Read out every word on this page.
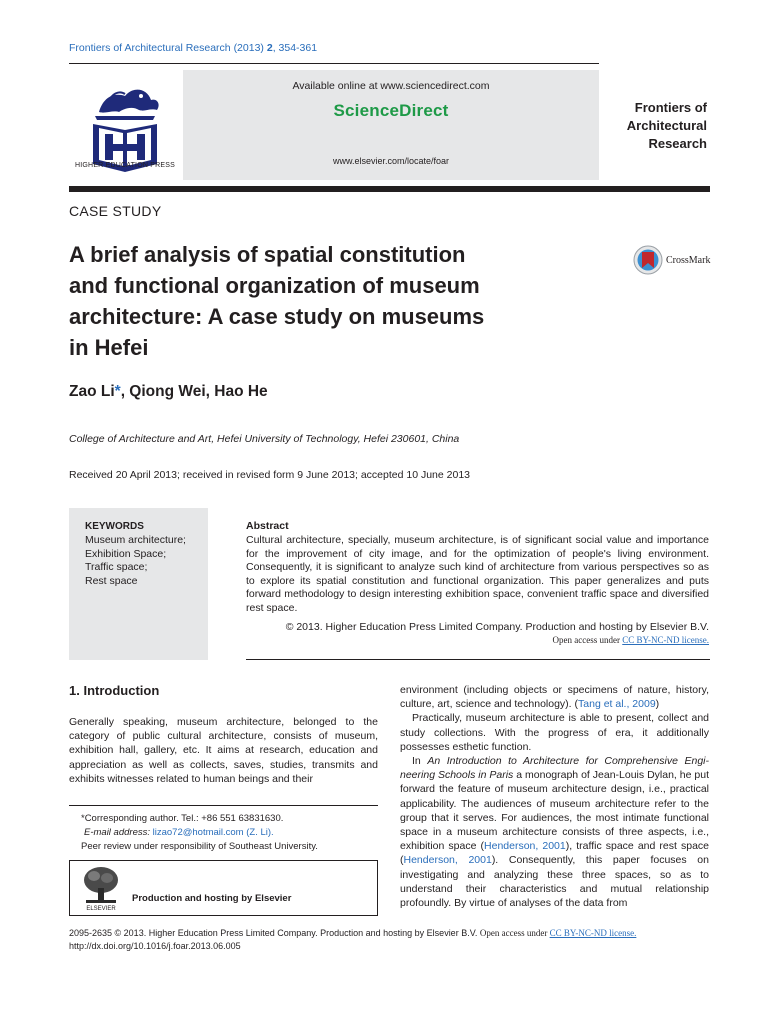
Frontiers of Architectural Research (2013) 2, 354-361
HIGHER EDUCATION PRESS
Available online at www.sciencedirect.com
ScienceDirect
www.elsevier.com/locate/foar
Frontiers of
Architectural
Research
CASE STUDY
A brief analysis of spatial constitution
and functional organization of museum
architecture: A case study on museums
in Hefei
CrossMark
Zao Li*, Qiong Wei, Hao He
College of Architecture and Art, Hefei University of Technology, Hefei 230601, China
Received 20 April 2013; received in revised form 9 June 2013; accepted 10 June 2013
KEYWORDS
Museum architecture;
Exhibition Space;
Traffic space;
Rest space
Abstract
Cultural architecture, specially, museum architecture, is of significant social value and importance for the improvement of city image, and for the optimization of people's living environment. Consequently, it is significant to analyze such kind of architecture from various perspectives so as to explore its spatial constitution and functional organization. This paper generalizes and puts forward methodology to design interesting exhibition space, convenient traffic space and diversified rest space.
© 2013. Higher Education Press Limited Company. Production and hosting by Elsevier B.V.
Open access under CC BY-NC-ND license.
1. Introduction
Generally speaking, museum architecture, belonged to the category of public cultural architecture, consists of museum, exhibition hall, gallery, etc. It aims at research, education and appreciation as well as collects, saves, studies, transmits and exhibits witnesses related to human beings and their
*Corresponding author. Tel.: +86 551 63831630.
E-mail address: lizao72@hotmail.com (Z. Li).
Peer review under responsibility of Southeast University.
ELSEVIER
Production and hosting by Elsevier

environment (including objects or specimens of nature, history, culture, art, science and technology). (Tang et al., 2009)

Practically, museum architecture is able to present, collect and study collections. With the progress of era, it additionally possesses esthetic function.

In An Introduction to Architecture for Comprehensive Engineering Schools in Paris a monograph of Jean-Louis Dylan, he put forward the feature of museum architecture design, i.e., practical applicability. The audiences of museum architecture refer to the group that it serves. For audiences, the most intimate functional space in a museum architecture consists of three aspects, i.e., exhibition space (Henderson, 2001), traffic space and rest space (Henderson, 2001). Consequently, this paper focuses on investigating and analyzing these three spaces, so as to understand their characteristics and mutual relationship profoundly. By virtue of analyses of the data from

2095-2635 © 2013. Higher Education Press Limited Company. Production and hosting by Elsevier B.V. Open access under CC BY-NC-ND license.
http://dx.doi.org/10.1016/j.foar.2013.06.005
